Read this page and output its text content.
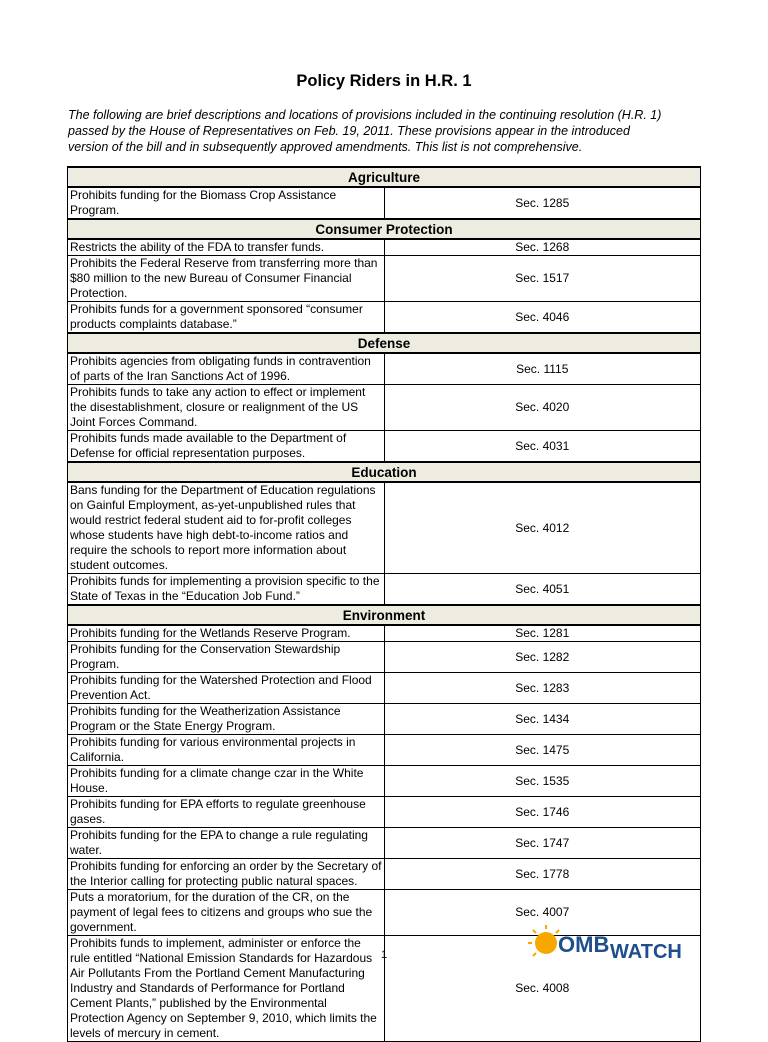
Policy Riders in H.R. 1

The following are brief descriptions and locations of provisions included in the continuing resolution (H.R. 1)

passed by the House of Representatives on Feb. 19, 2011. These provisions appear in the introduced

version of the bill and in subsequently approved amendments. This list is not comprehensive.

Agriculture	
Prohibits funding for the Biomass Crop Assistance Program.	Sec. 1285
Consumer Protection	
Restricts the ability of the FDA to transfer funds.	Sec. 1268
Prohibits the Federal Reserve from transferring more than $80 million to the new Bureau of Consumer Financial Protection.	Sec. 1517
Prohibits funds for a government sponsored “consumer products complaints database.”	Sec. 4046
Defense	
Prohibits agencies from obligating funds in contravention of parts of the Iran Sanctions Act of 1996.	Sec. 1115
Prohibits funds to take any action to effect or implement the disestablishment, closure or realignment of the US Joint Forces Command.	Sec. 4020
Prohibits funds made available to the Department of Defense for official representation purposes.	Sec. 4031
Education	
Bans funding for the Department of Education regulations on Gainful Employment, as-yet-unpublished rules that would restrict federal student aid to for-profit colleges whose students have high debt-to-income ratios and require the schools to report more information about student outcomes.	Sec. 4012
Prohibits funds for implementing a provision specific to the State of Texas in the “Education Job Fund.”	Sec. 4051
Environment	
Prohibits funding for the Wetlands Reserve Program.	Sec. 1281
Prohibits funding for the Conservation Stewardship Program.	Sec. 1282
Prohibits funding for the Watershed Protection and Flood Prevention Act.	Sec. 1283
Prohibits funding for the Weatherization Assistance Program or the State Energy Program.	Sec. 1434
Prohibits funding for various environmental projects in California.	Sec. 1475
Prohibits funding for a climate change czar in the White House.	Sec. 1535
Prohibits funding for EPA efforts to regulate greenhouse gases.	Sec. 1746
Prohibits funding for the EPA to change a rule regulating water.	Sec. 1747
Prohibits funding for enforcing an order by the Secretary of the Interior calling for protecting public natural spaces.	Sec. 1778
Puts a moratorium, for the duration of the CR, on the payment of legal fees to citizens and groups who sue the government.	Sec. 4007
Prohibits funds to implement, administer or enforce the rule entitled “National Emission Standards for Hazardous Air Pollutants From the Portland Cement Manufacturing Industry and Standards of Performance for Portland Cement Plants,” published by the Environmental Protection Agency on September 9, 2010, which limits the levels of mercury in cement.	Sec. 4008
1	OMB WATCH
